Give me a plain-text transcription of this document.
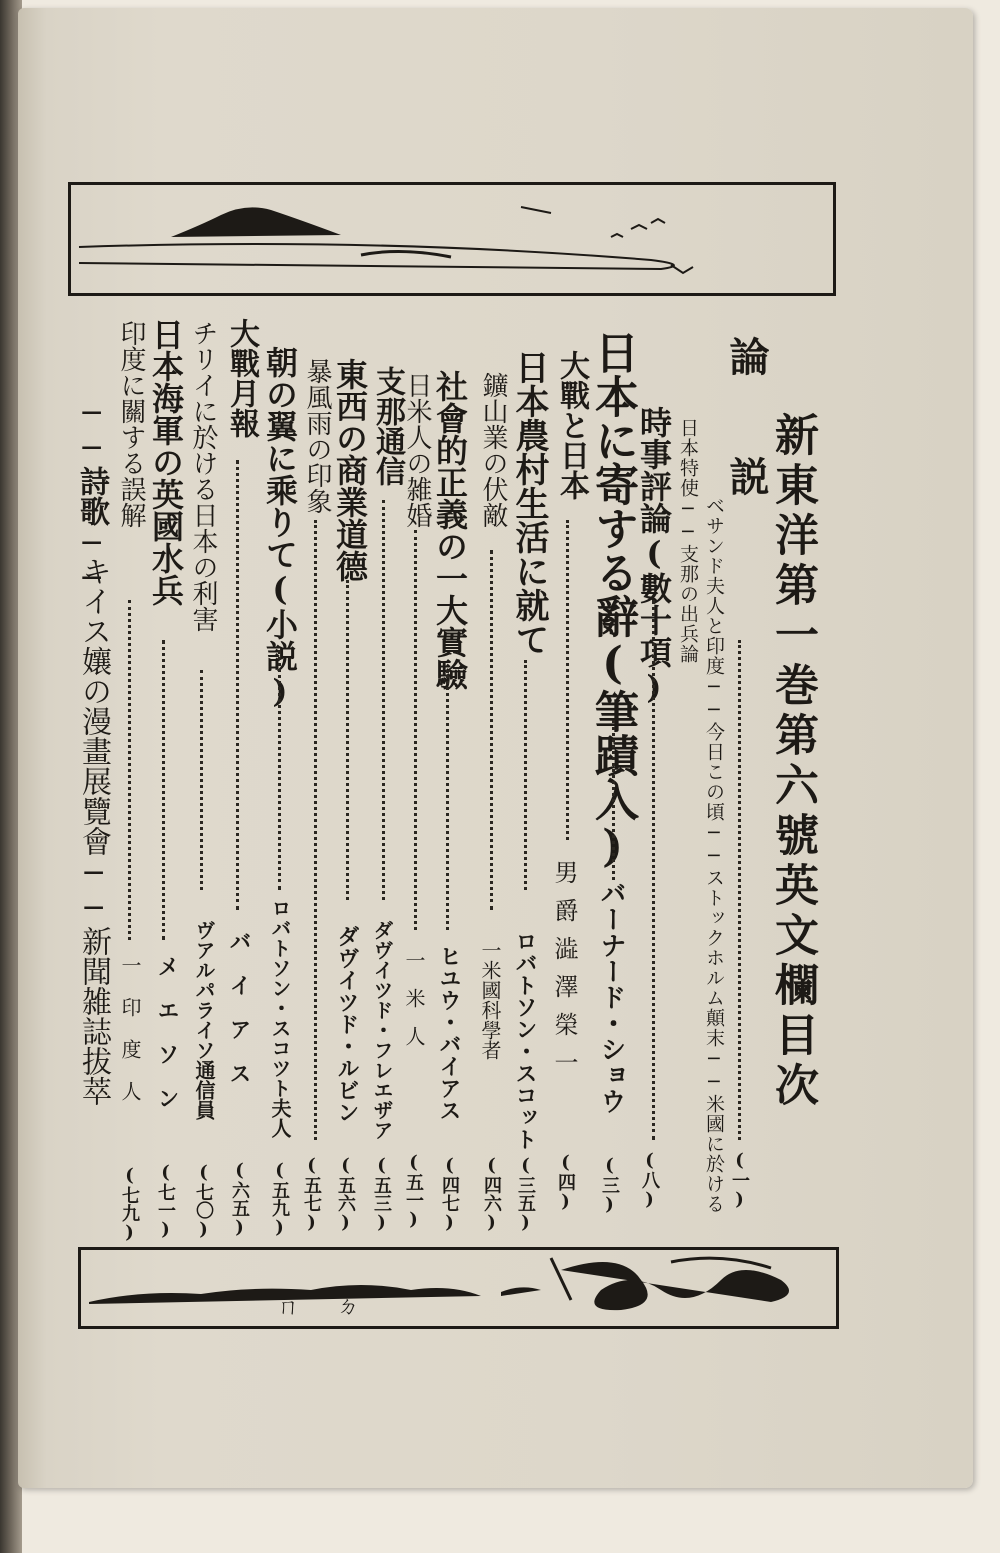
新東洋第一巻第六號英文欄目次
論
説
ベサンド夫人と印度──今日この頃──ストックホルム顛末──米國に於ける
日本特使──支那の出兵論
(一)
時事評論(數十項)
(八)
日本に寄する辭(筆蹟入)
バーナード・ショウ
(三)
大戰と日本
男爵澁澤榮一
(四)
日本農村生活に就て
ロバトソン・スコット
(三五)
鑛山業の伏敵
一米國科學者
(四六)
社會的正義の一大實驗
ヒユウ・バイアス
(四七)
日米人の雑婚
一米人
(五一)
支那通信
ダヴイツド・フレエザア
(五三)
東西の商業道德
ダヴイツド・ルビン
(五六)
暴風雨の印象
(五七)
朝の翼に乘りて(小説)
ロバトソン・スコツト夫人
(五九)
大戰月報
バイアス
(六五)
チリイに於ける日本の利害
ヴアルパライソ通信員
(七〇)
日本海軍の英國水兵
メエソン
(七一)
印度に關する誤解
一印度人
(七九)
──詩歌──
キイス孃の漫畫展覽會──新聞雑誌拔萃
ㄇ ㄉ
